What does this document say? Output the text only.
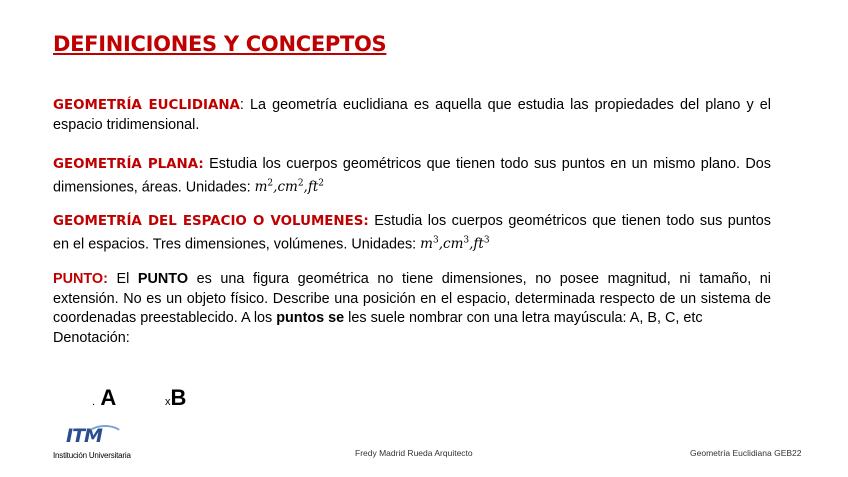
DEFINICIONES Y CONCEPTOS
GEOMETRÍA EUCLIDIANA: La geometría euclidiana es aquella que estudia las propiedades del plano y el espacio tridimensional.
GEOMETRÍA PLANA: Estudia los cuerpos geométricos que tienen todo sus puntos en un mismo plano. Dos dimensiones, áreas. Unidades: $m^2,cm^2,ft^2$
GEOMETRÍA DEL ESPACIO O VOLUMENES: Estudia los cuerpos geométricos que tienen todo sus puntos en el espacios. Tres dimensiones, volúmenes. Unidades: $m^3,cm^3,ft^3$
PUNTO: El PUNTO es una figura geométrica no tiene dimensiones, no posee magnitud, ni tamaño, ni extensión. No es un objeto físico. Describe una posición en el espacio, determinada respecto de un sistema de coordenadas preestablecido. A los puntos se les suele nombrar con una letra mayúscula: A, B, C, etc
Denotación:
. A	xB
ITM
Institución Universitaria	Fredy Madrid Rueda Arquitecto	Geometría Euclidiana GEB22
